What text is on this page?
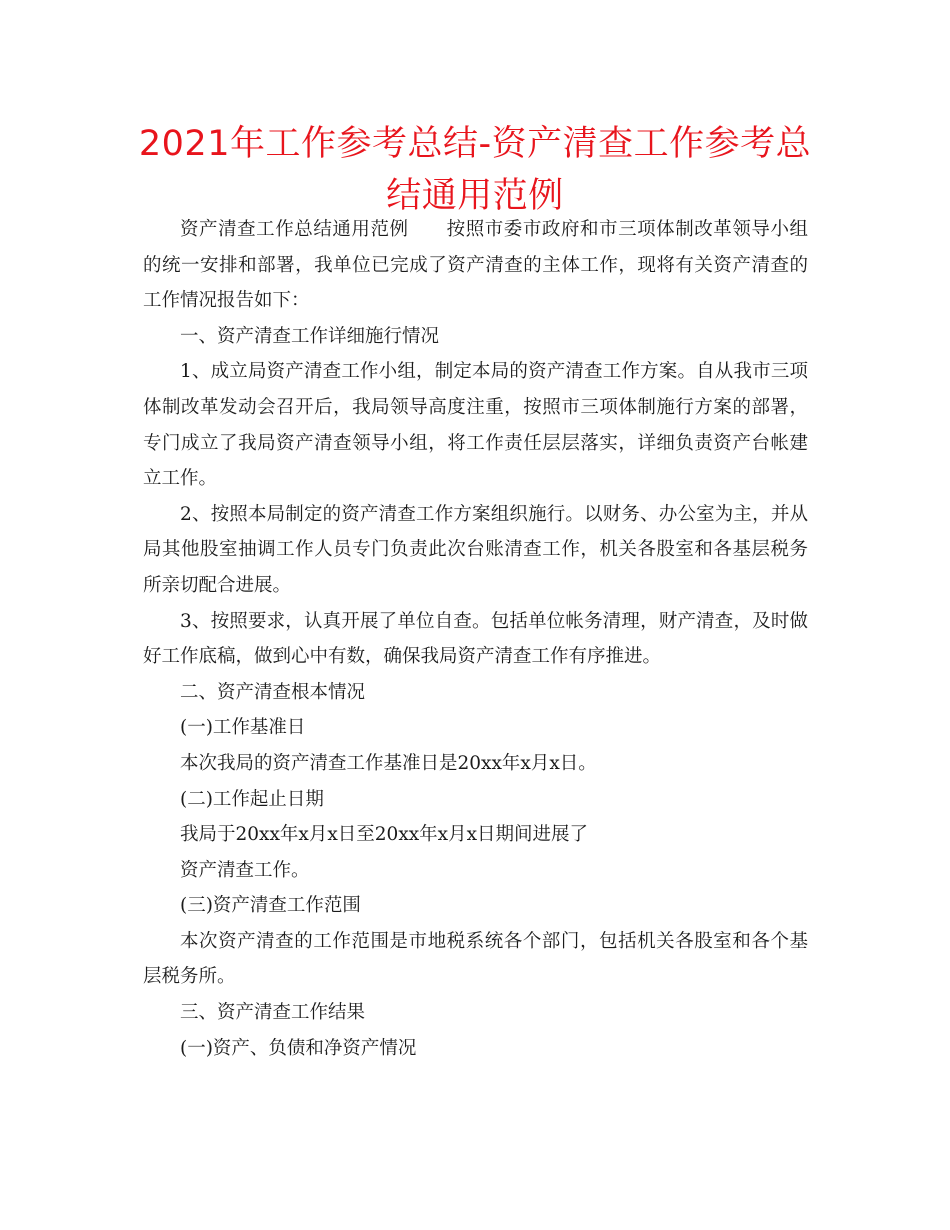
2021年工作参考总结-资产清查工作参考总结通用范例

资产清查工作总结通用范例　　按照市委市政府和市三项体制改革领导小组的统一安排和部署，我单位已完成了资产清查的主体工作，现将有关资产清查的工作情况报告如下：

一、资产清查工作详细施行情况

1、成立局资产清查工作小组，制定本局的资产清查工作方案。自从我市三项体制改革发动会召开后，我局领导高度注重，按照市三项体制施行方案的部署，专门成立了我局资产清查领导小组，将工作责任层层落实，详细负责资产台帐建立工作。

2、按照本局制定的资产清查工作方案组织施行。以财务、办公室为主，并从局其他股室抽调工作人员专门负责此次台账清查工作，机关各股室和各基层税务所亲切配合进展。

3、按照要求，认真开展了单位自查。包括单位帐务清理，财产清查，及时做好工作底稿，做到心中有数，确保我局资产清查工作有序推进。

二、资产清查根本情况

(一)工作基准日

本次我局的资产清查工作基准日是20xx年x月x日。

(二)工作起止日期

我局于20xx年x月x日至20xx年x月x日期间进展了

资产清查工作。

(三)资产清查工作范围

本次资产清查的工作范围是市地税系统各个部门，包括机关各股室和各个基层税务所。

三、资产清查工作结果

(一)资产、负债和净资产情况
